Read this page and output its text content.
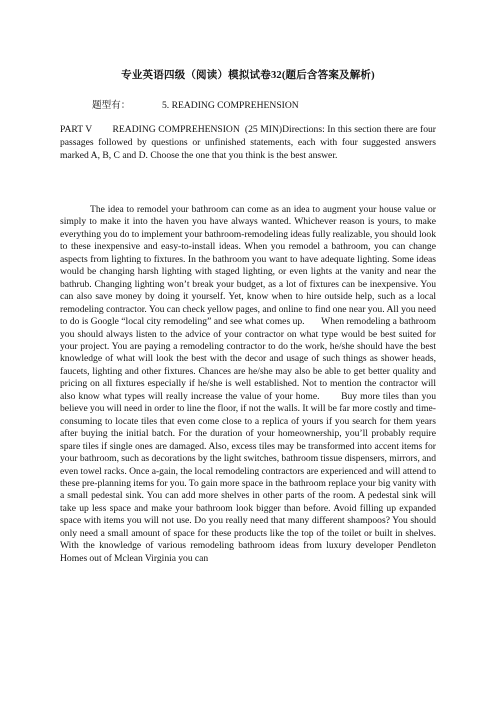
专业英语四级（阅读）模拟试卷32(题后含答案及解析)
题型有：	5. READING COMPREHENSION
PART V        READING COMPREHENSION  (25 MIN)Directions: In this section there are four passages followed by questions or unfinished statements, each with four suggested answers marked A, B, C and D. Choose the one that you think is the best answer.
The idea to remodel your bathroom can come as an idea to augment your house value or simply to make it into the haven you have always wanted. Whichever reason is yours, to make everything you do to implement your bathroom-remodeling ideas fully realizable, you should look to these inexpensive and easy-to-install ideas. When you remodel a bathroom, you can change aspects from lighting to fixtures. In the bathroom you want to have adequate lighting. Some ideas would be changing harsh lighting with staged lighting, or even lights at the vanity and near the bathrub. Changing lighting won’t break your budget, as a lot of fixtures can be inexpensive. You can also save money by doing it yourself. Yet, know when to hire outside help, such as a local remodeling contractor. You can check yellow pages, and online to find one near you. All you need to do is Google “local city remodeling” and see what comes up.       When remodeling a bathroom you should always listen to the advice of your contractor on what type would be best suited for your project. You are paying a remodeling contractor to do the work, he/she should have the best knowledge of what will look the best with the decor and usage of such things as shower heads, faucets, lighting and other fixtures. Chances are he/she may also be able to get better quality and pricing on all fixtures especially if he/she is well established. Not to mention the contractor will also know what types will really increase the value of your home.       Buy more tiles than you believe you will need in order to line the floor, if not the walls. It will be far more costly and time-consuming to locate tiles that even come close to a replica of yours if you search for them years after buying the initial batch. For the duration of your homeownership, you’ll probably require spare tiles if single ones are damaged. Also, excess tiles may be transformed into accent items for your bathroom, such as decorations by the light switches, bathroom tissue dispensers, mirrors, and even towel racks. Once a-gain, the local remodeling contractors are experienced and will attend to these pre-planning items for you. To gain more space in the bathroom replace your big vanity with a small pedestal sink. You can add more shelves in other parts of the room. A pedestal sink will take up less space and make your bathroom look bigger than before. Avoid filling up expanded space with items you will not use. Do you really need that many different shampoos? You should only need a small amount of space for these products like the top of the toilet or built in shelves.       With the knowledge of various remodeling bathroom ideas from luxury developer Pendleton Homes out of Mclean Virginia you can
